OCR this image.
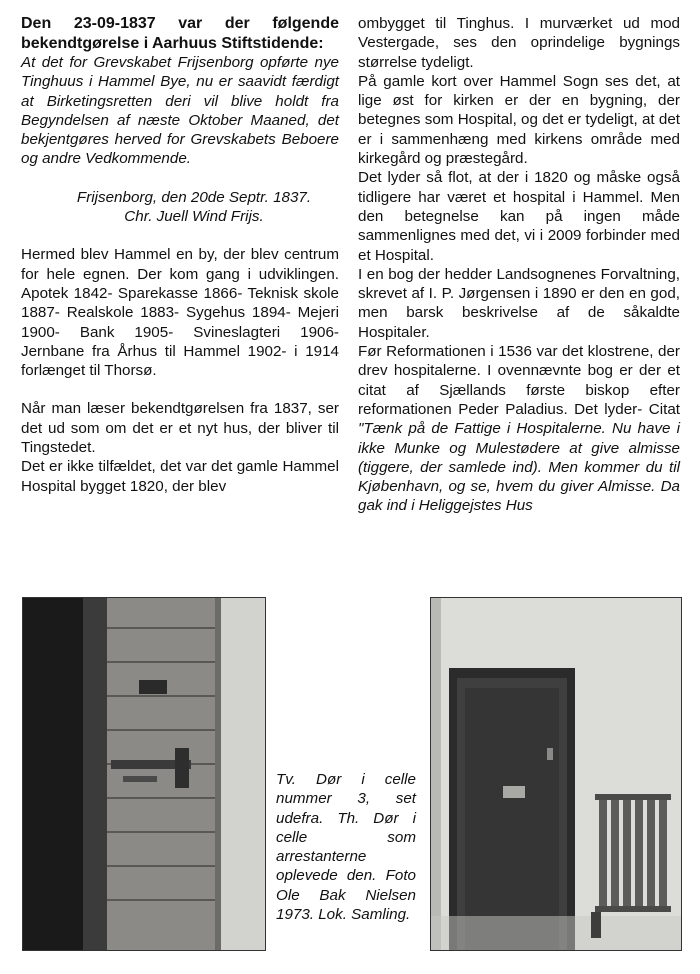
Den 23-09-1837 var der følgende bekendtgørelse i Aarhuus Stiftstidende:

At det for Grevskabet Frijsenborg opførte nye Tinghuus i Hammel Bye, nu er saavidt færdigt at Birketingsretten deri vil blive holdt fra Begyndelsen af næste Oktober Maaned, det bekjentgøres herved for Grevskabets Beboere og andre Vedkommende.

Frijsenborg, den 20de Septr. 1837.

Chr. Juell Wind Frijs.

Hermed blev Hammel en by, der blev centrum for hele egnen. Der kom gang i udviklingen. Apotek 1842- Sparekasse 1866- Teknisk skole 1887- Realskole 1883- Sygehus 1894- Mejeri 1900- Bank 1905- Svineslagteri 1906- Jernbane fra Århus til Hammel 1902- i 1914 forlænget til Thorsø.

Når man læser bekendtgørelsen fra 1837, ser det ud som om det er et nyt hus, der bliver til Tingstedet.

Det er ikke tilfældet, det var det gamle Hammel Hospital bygget 1820, der blev

ombygget til Tinghus. I murværket ud mod Vestergade, ses den oprindelige bygnings størrelse tydeligt.

På gamle kort over Hammel Sogn ses det, at lige øst for kirken er der en bygning, der betegnes som Hospital, og det er tydeligt, at det er i sammenhæng med kirkens område med kirkegård og præstegård.

Det lyder så flot, at der i 1820 og måske også tidligere har været et hospital i Hammel. Men den betegnelse kan på ingen måde sammenlignes med det, vi i 2009 forbinder med et Hospital.

I en bog der hedder Landsognenes Forvaltning, skrevet af I. P. Jørgensen i 1890 er den en god, men barsk beskrivelse af de såkaldte Hospitaler.

Før Reformationen i 1536 var det klostrene, der drev hospitalerne. I ovennævnte bog er der et citat af Sjællands første biskop efter reformationen Peder Paladius. Det lyder- Citat "Tænk på de Fattige i Hospitalerne. Nu have i ikke Munke og Mulestødere at give almisse (tiggere, der samlede ind). Men kommer du til Kjøbenhavn, og se, hvem du giver Almisse. Da gak ind i Heliggejstes Hus

Tv. Dør i celle nummer 3, set udefra. Th. Dør i celle som arrestanterne oplevede den. Foto Ole Bak Nielsen 1973. Lok. Samling.
